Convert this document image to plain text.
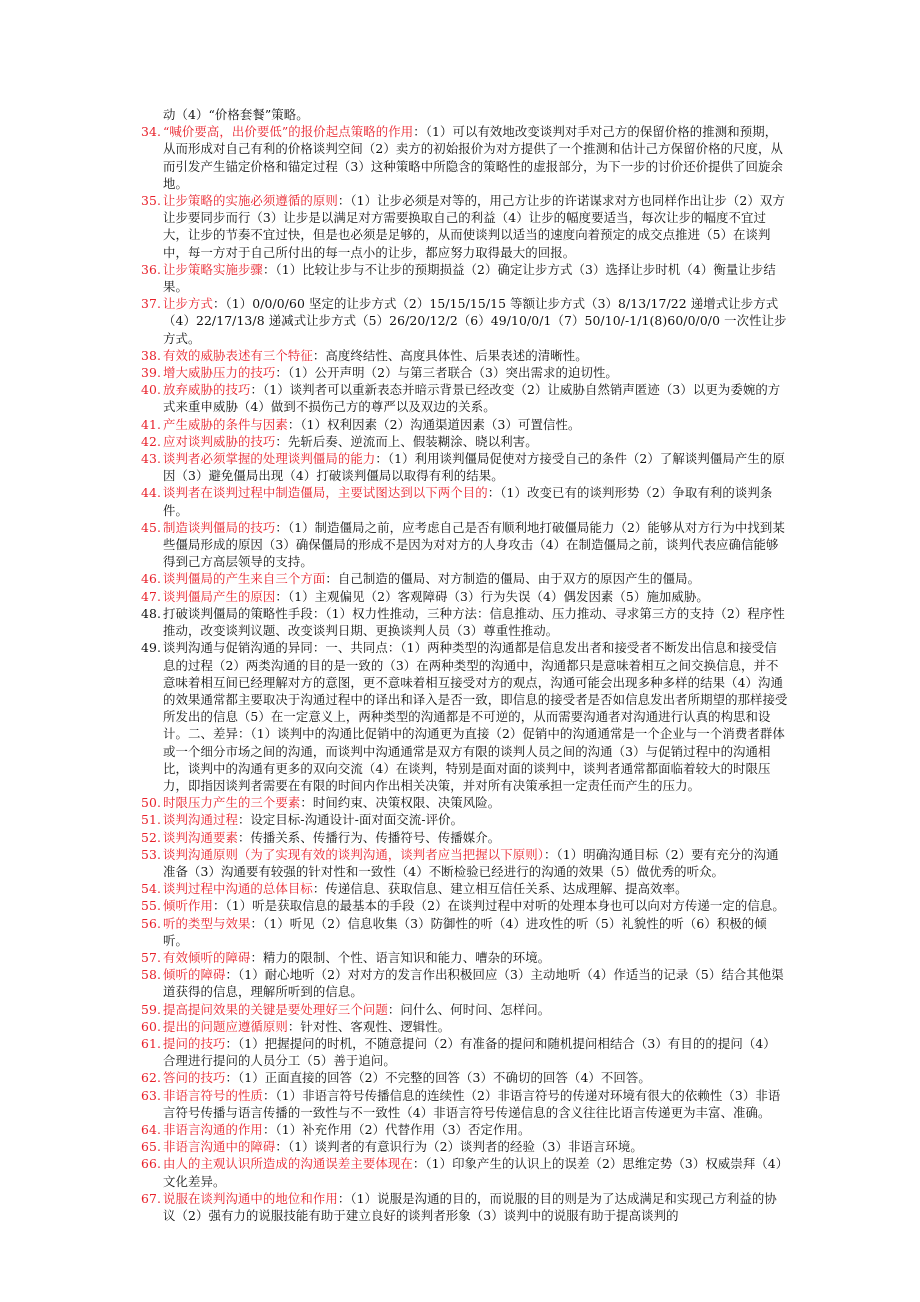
动（4）“价格套餐”策略。
34. “喊价要高，出价要低”的报价起点策略的作用：（1）可以有效地改变谈判对手对己方的保留价格的推测和预期，从而形成对自己有利的价格谈判空间（2）卖方的初始报价为对方提供了一个推测和估计己方保留价格的尺度，从而引发产生锚定价格和锚定过程（3）这种策略中所隐含的策略性的虚报部分，为下一步的讨价还价提供了回旋余地。
35. 让步策略的实施必须遵循的原则：（1）让步必须是对等的，用己方让步的许诺谋求对方也同样作出让步（2）双方让步要同步而行（3）让步是以满足对方需要换取自己的利益（4）让步的幅度要适当，每次让步的幅度不宜过大，让步的节奏不宜过快，但是也必须是足够的，从而使谈判以适当的速度向着预定的成交点推进（5）在谈判中，每一方对于自己所付出的每一点小的让步，都应努力取得最大的回报。
36. 让步策略实施步骤：（1）比较让步与不让步的预期损益（2）确定让步方式（3）选择让步时机（4）衡量让步结果。
37. 让步方式：（1）0/0/0/60 坚定的让步方式（2）15/15/15/15 等额让步方式（3）8/13/17/22 递增式让步方式（4）22/17/13/8 递减式让步方式（5）26/20/12/2（6）49/10/0/1（7）50/10/-1/1(8)60/0/0/0 一次性让步方式。
38. 有效的威胁表述有三个特征：高度终结性、高度具体性、后果表述的清晰性。
39. 增大威胁压力的技巧：（1）公开声明（2）与第三者联合（3）突出需求的迫切性。
40. 放弃威胁的技巧：（1）谈判者可以重新表态并暗示背景已经改变（2）让威胁自然销声匿迹（3）以更为委婉的方式来重申威胁（4）做到不损伤己方的尊严以及双边的关系。
41. 产生威胁的条件与因素：（1）权利因素（2）沟通渠道因素（3）可置信性。
42. 应对谈判威胁的技巧：先斩后奏、逆流而上、假装糊涂、晓以利害。
43. 谈判者必须掌握的处理谈判僵局的能力：（1）利用谈判僵局促使对方接受自己的条件（2）了解谈判僵局产生的原因（3）避免僵局出现（4）打破谈判僵局以取得有利的结果。
44. 谈判者在谈判过程中制造僵局，主要试图达到以下两个目的：（1）改变已有的谈判形势（2）争取有利的谈判条件。
45. 制造谈判僵局的技巧：（1）制造僵局之前，应考虑自己是否有顺利地打破僵局能力（2）能够从对方行为中找到某些僵局形成的原因（3）确保僵局的形成不是因为对对方的人身攻击（4）在制造僵局之前，谈判代表应确信能够得到己方高层领导的支持。
46. 谈判僵局的产生来自三个方面：自己制造的僵局、对方制造的僵局、由于双方的原因产生的僵局。
47. 谈判僵局产生的原因：（1）主观偏见（2）客观障碍（3）行为失误（4）偶发因素（5）施加威胁。
48. 打破谈判僵局的策略性手段：（1）权力性推动，三种方法：信息推动、压力推动、寻求第三方的支持（2）程序性推动，改变谈判议题、改变谈判日期、更换谈判人员（3）尊重性推动。
49. 谈判沟通与促销沟通的异同：一、共同点：（1）两种类型的沟通都是信息发出者和接受者不断发出信息和接受信息的过程（2）两类沟通的目的是一致的（3）在两种类型的沟通中，沟通都只是意味着相互之间交换信息，并不意味着相互间已经理解对方的意图，更不意味着相互接受对方的观点，沟通可能会出现多种多样的结果（4）沟通的效果通常都主要取决于沟通过程中的译出和译入是否一致，即信息的接受者是否如信息发出者所期望的那样接受所发出的信息（5）在一定意义上，两种类型的沟通都是不可逆的，从而需要沟通者对沟通进行认真的构思和设计。二、差异：（1）谈判中的沟通比促销中的沟通更为直接（2）促销中的沟通通常是一个企业与一个消费者群体或一个细分市场之间的沟通，而谈判中沟通通常是双方有限的谈判人员之间的沟通（3）与促销过程中的沟通相比，谈判中的沟通有更多的双向交流（4）在谈判，特别是面对面的谈判中，谈判者通常都面临着较大的时限压力，即指因谈判者需要在有限的时间内作出相关决策，并对所有决策承担一定责任而产生的压力。
50. 时限压力产生的三个要素：时间约束、决策权限、决策风险。
51. 谈判沟通过程：设定目标-沟通设计-面对面交流-评价。
52. 谈判沟通要素：传播关系、传播行为、传播符号、传播媒介。
53. 谈判沟通原则（为了实现有效的谈判沟通，谈判者应当把握以下原则）：（1）明确沟通目标（2）要有充分的沟通准备（3）沟通要有较强的针对性和一致性（4）不断检验已经进行的沟通的效果（5）做优秀的听众。
54. 谈判过程中沟通的总体目标：传递信息、获取信息、建立相互信任关系、达成理解、提高效率。
55. 倾听作用：（1）听是获取信息的最基本的手段（2）在谈判过程中对听的处理本身也可以向对方传递一定的信息。
56. 听的类型与效果：（1）听见（2）信息收集（3）防御性的听（4）进攻性的听（5）礼貌性的听（6）积极的倾听。
57. 有效倾听的障碍：精力的限制、个性、语言知识和能力、嘈杂的环境。
58. 倾听的障碍：（1）耐心地听（2）对对方的发言作出积极回应（3）主动地听（4）作适当的记录（5）结合其他渠道获得的信息，理解所听到的信息。
59. 提高提问效果的关键是要处理好三个问题：问什么、何时问、怎样问。
60. 提出的问题应遵循原则：针对性、客观性、逻辑性。
61. 提问的技巧：（1）把握提问的时机，不随意提问（2）有准备的提问和随机提问相结合（3）有目的的提问（4）合理进行提问的人员分工（5）善于追问。
62. 答问的技巧：（1）正面直接的回答（2）不完整的回答（3）不确切的回答（4）不回答。
63. 非语言符号的性质：（1）非语言符号传播信息的连续性（2）非语言符号的传递对环境有很大的依赖性（3）非语言符号传播与语言传播的一致性与不一致性（4）非语言符号传递信息的含义往往比语言传递更为丰富、准确。
64. 非语言沟通的作用：（1）补充作用（2）代替作用（3）否定作用。
65. 非语言沟通中的障碍：（1）谈判者的有意识行为（2）谈判者的经验（3）非语言环境。
66. 由人的主观认识所造成的沟通误差主要体现在：（1）印象产生的认识上的误差（2）思维定势（3）权威崇拜（4）文化差异。
67. 说服在谈判沟通中的地位和作用：（1）说服是沟通的目的，而说服的目的则是为了达成满足和实现己方利益的协议（2）强有力的说服技能有助于建立良好的谈判者形象（3）谈判中的说服有助于提高谈判的
